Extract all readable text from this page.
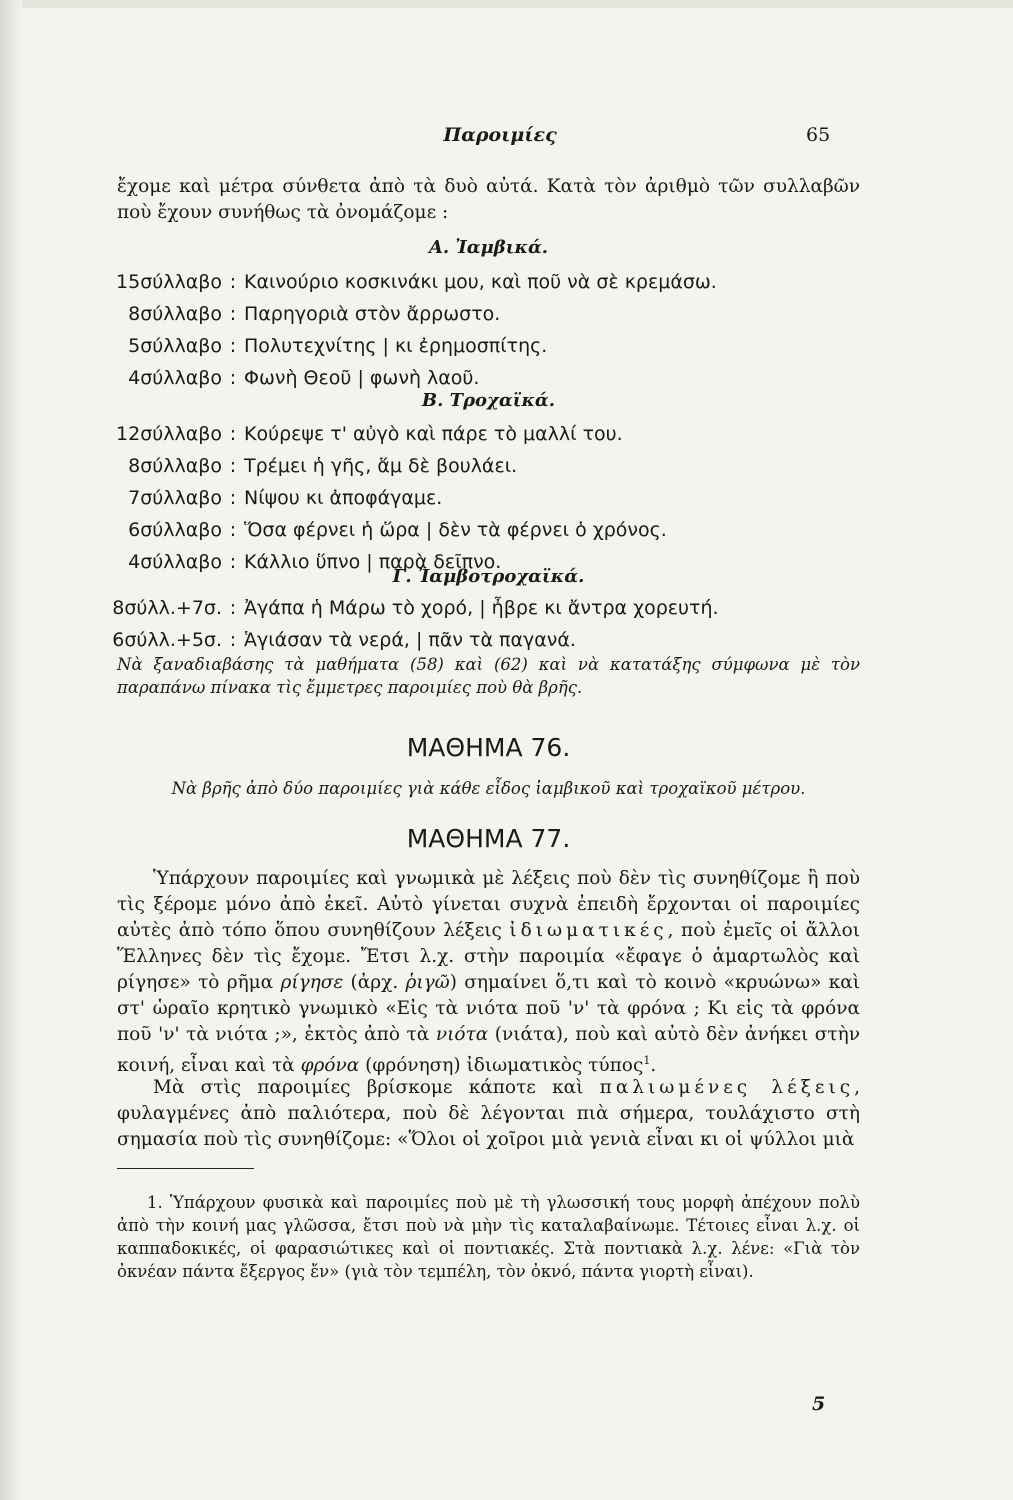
Παροιμίες	65
ἔχομε καὶ μέτρα σύνθετα ἀπὸ τὰ δυὸ αὐτά. Κατὰ τὸν ἀριθμὸ τῶν συλλαβῶν ποὺ ἔχουν συνήθως τὰ ὀνομάζομε :
Α. Ἰαμβικά.
15σύλλαβο : Καινούριο κοσκινάκι μου, καὶ ποῦ νὰ σὲ κρεμάσω.
8σύλλαβο : Παρηγοριὰ στὸν ἄρρωστο.
5σύλλαβο : Πολυτεχνίτης | κι ἐρημοσπίτης.
4σύλλαβο : Φωνὴ Θεοῦ | φωνὴ λαοῦ.
Β. Τροχαϊκά.
12σύλλαβο : Κούρεψε τ' αὐγὸ καὶ πάρε τὸ μαλλί του.
8σύλλαβο : Τρέμει ἡ γῆς, ἅμ δὲ βουλάει.
7σύλλαβο : Νίψου κι ἀποφάγαμε.
6σύλλαβο : Ὅσα φέρνει ἡ ὥρα | δὲν τὰ φέρνει ὁ χρόνος.
4σύλλαβο : Κάλλιο ὕπνο | παρὰ δεῖπνο.
Γ. Ἰαμβοτροχαϊκά.
8σύλλ.+7σ. : Ἀγάπα ἡ Μάρω τὸ χορό, | ἦβρε κι ἄντρα χορευτή.
6σύλλ.+5σ. : Ἁγιάσαν τὰ νερά, | πᾶν τὰ παγανά.
Νὰ ξαναδιαβάσης τὰ μαθήματα (58) καὶ (62) καὶ νὰ κατατάξης σύμφωνα μὲ τὸν παραπάνω πίνακα τὶς ἔμμετρες παροιμίες ποὺ θὰ βρῆς.
ΜΑΘΗΜΑ 76.
Νὰ βρῆς ἀπὸ δύο παροιμίες γιὰ κάθε εἶδος ἰαμβικοῦ καὶ τροχαϊκοῦ μέτρου.
ΜΑΘΗΜΑ 77.
Ὑπάρχουν παροιμίες καὶ γνωμικὰ μὲ λέξεις ποὺ δὲν τὶς συνηθίζομε ἢ ποὺ τὶς ξέρομε μόνο ἀπὸ ἐκεῖ. Αὐτὸ γίνεται συχνὰ ἐπειδὴ ἔρχονται οἱ παροιμίες αὐτὲς ἀπὸ τόπο ὅπου συνηθίζουν λέξεις ἰδιωματικές, ποὺ ἐμεῖς οἱ ἄλλοι Ἕλληνες δὲν τὶς ἔχομε. Ἔτσι λ.χ. στὴν παροιμία «ἔφαγε ὁ ἁμαρτωλὸς καὶ ρίγησε» τὸ ρῆμα ρίγησε (ἀρχ. ῥιγῶ) σημαίνει ὅ,τι καὶ τὸ κοινὸ «κρυώνω» καὶ στ' ὡραῖο κρητικὸ γνωμικὸ «Εἰς τὰ νιότα ποῦ 'ν' τὰ φρόνα ; Κι εἰς τὰ φρόνα ποῦ 'ν' τὰ νιότα ;», ἐκτὸς ἀπὸ τὰ νιότα (νιάτα), ποὺ καὶ αὐτὸ δὲν ἀνήκει στὴν κοινή, εἶναι καὶ τὰ φρόνα (φρόνηση) ἰδιωματικὸς τύπος$^1$.
Μὰ στὶς παροιμίες βρίσκομε κάποτε καὶ παλιωμένες λέξεις, φυλαγμένες ἀπὸ παλιότερα, ποὺ δὲ λέγονται πιὰ σήμερα, τουλάχιστο στὴ σημασία ποὺ τὶς συνηθίζομε: «Ὅλοι οἱ χοῖροι μιὰ γενιὰ εἶναι κι οἱ ψύλλοι μιὰ
1. Ὑπάρχουν φυσικὰ καὶ παροιμίες ποὺ μὲ τὴ γλωσσική τους μορφὴ ἀπέχουν πολὺ ἀπὸ τὴν κοινή μας γλῶσσα, ἔτσι ποὺ νὰ μὴν τὶς καταλαβαίνωμε. Τέτοιες εἶναι λ.χ. οἱ καππαδοκικές, οἱ φαρασιώτικες καὶ οἱ ποντιακές. Στὰ ποντιακὰ λ.χ. λένε: «Γιὰ τὸν ὀκνέαν πάντα ἔξεργος ἔν» (γιὰ τὸν τεμπέλη, τὸν ὀκνό, πάντα γιορτὴ εἶναι).
5
